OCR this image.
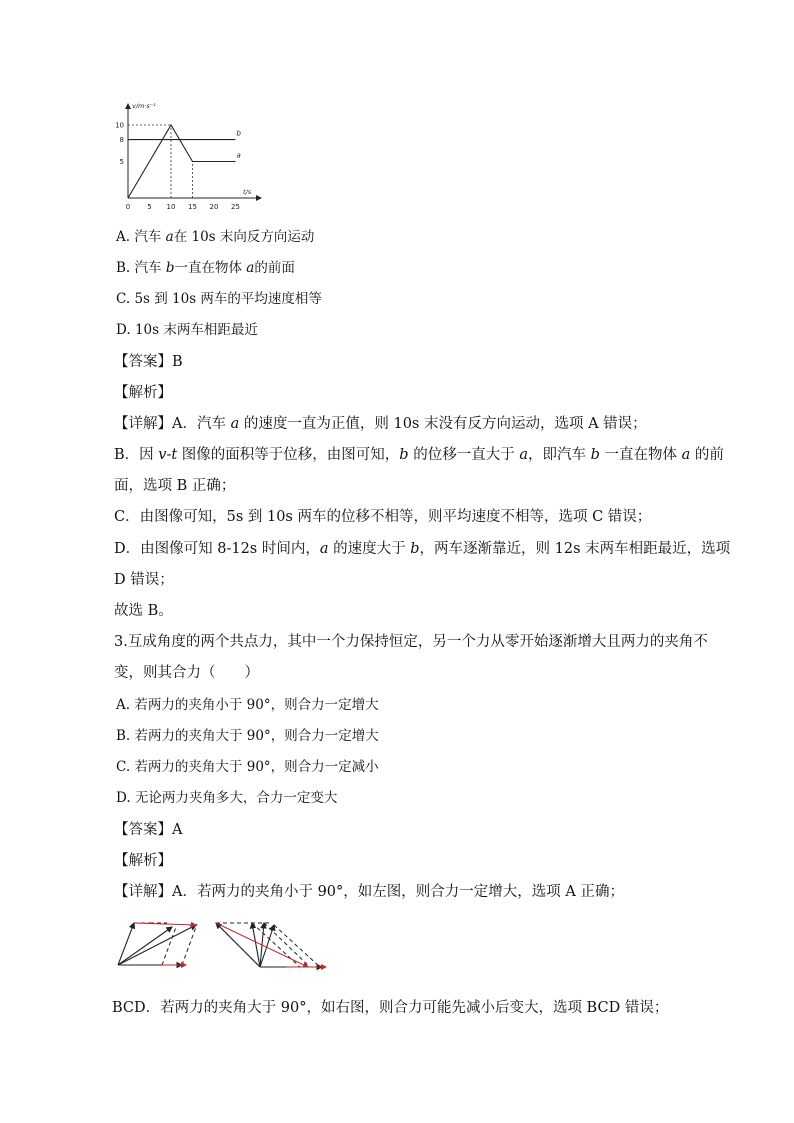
v/m·s⁻¹
t/s
0 5 10 15 20 25
5
8
10
a
b
A. 汽车 a在 10s 末向反方向运动
B. 汽车 b一直在物体 a的前面
C. 5s 到 10s 两车的平均速度相等
D. 10s 末两车相距最近
【答案】B
【解析】
【详解】A．汽车 a 的速度一直为正值，则 10s 末没有反方向运动，选项 A 错误；
B．因 v-t 图像的面积等于位移，由图可知，b 的位移一直大于 a，即汽车 b 一直在物体 a 的前
面，选项 B 正确；
C．由图像可知，5s 到 10s 两车的位移不相等，则平均速度不相等，选项 C 错误；
D．由图像可知 8-12s 时间内，a 的速度大于 b，两车逐渐靠近，则 12s 末两车相距最近，选项
D 错误；
故选 B。
3.互成角度的两个共点力，其中一个力保持恒定，另一个力从零开始逐渐增大且两力的夹角不
变，则其合力（　　）
A. 若两力的夹角小于 90°，则合力一定增大
B. 若两力的夹角大于 90°，则合力一定增大
C. 若两力的夹角大于 90°，则合力一定减小
D. 无论两力夹角多大，合力一定变大
【答案】A
【解析】
【详解】A．若两力的夹角小于 90°，如左图，则合力一定增大，选项 A 正确；
BCD．若两力的夹角大于 90°，如右图，则合力可能先减小后变大，选项 BCD 错误；
